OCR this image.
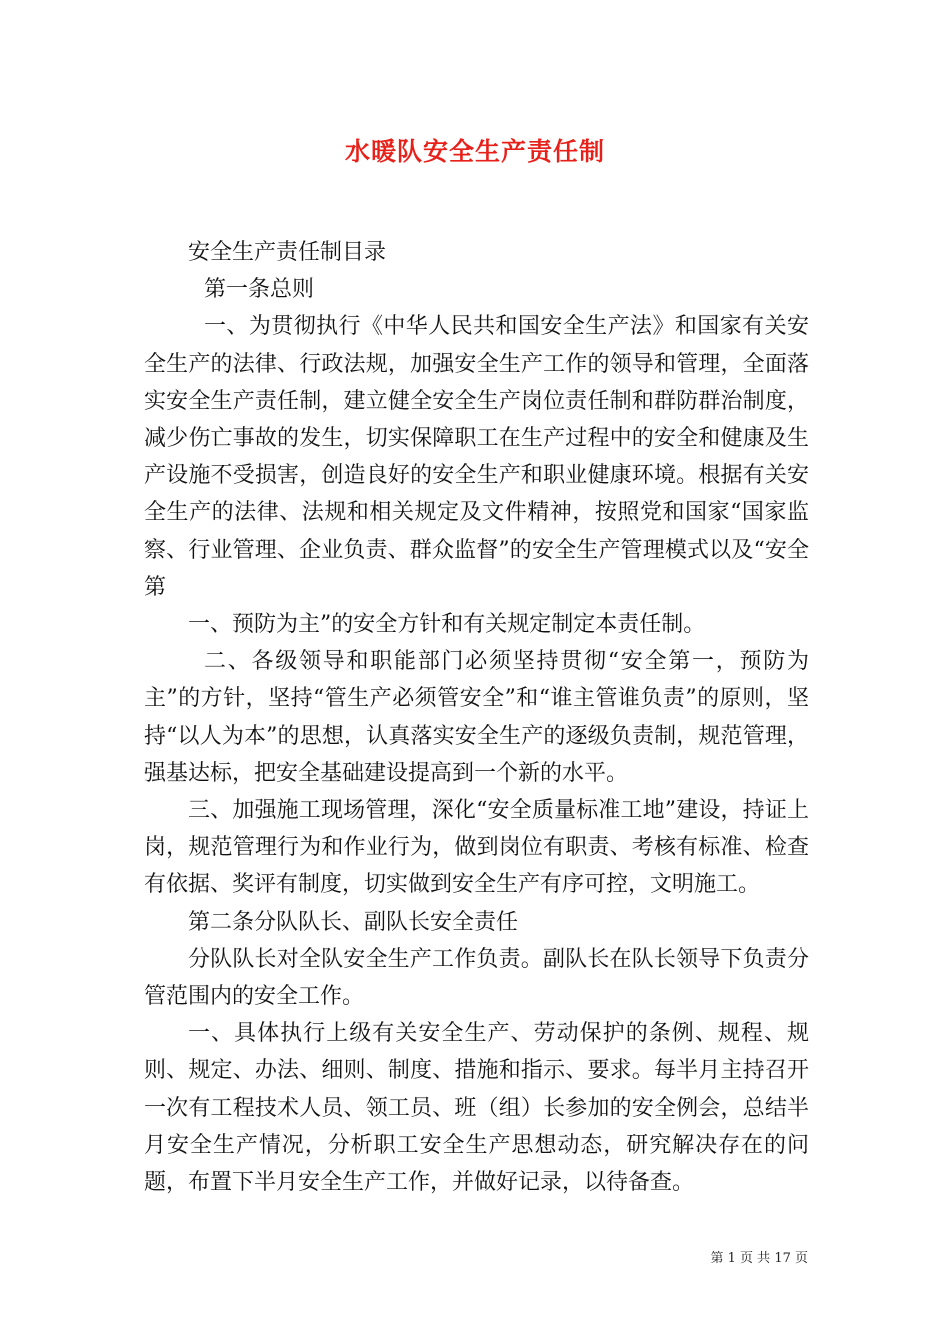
水暖队安全生产责任制

安全生产责任制目录

第一条总则

一、为贯彻执行《中华人民共和国安全生产法》和国家有关安全生产的法律、行政法规，加强安全生产工作的领导和管理，全面落实安全生产责任制，建立健全安全生产岗位责任制和群防群治制度，减少伤亡事故的发生，切实保障职工在生产过程中的安全和健康及生产设施不受损害，创造良好的安全生产和职业健康环境。根据有关安全生产的法律、法规和相关规定及文件精神，按照党和国家“国家监察、行业管理、企业负责、群众监督”的安全生产管理模式以及“安全第

一、预防为主”的安全方针和有关规定制定本责任制。

二、各级领导和职能部门必须坚持贯彻“安全第一，预防为主”的方针，坚持“管生产必须管安全”和“谁主管谁负责”的原则，坚持“以人为本”的思想，认真落实安全生产的逐级负责制，规范管理，强基达标，把安全基础建设提高到一个新的水平。

三、加强施工现场管理，深化“安全质量标准工地”建设，持证上岗，规范管理行为和作业行为，做到岗位有职责、考核有标准、检查有依据、奖评有制度，切实做到安全生产有序可控，文明施工。

第二条分队队长、副队长安全责任

分队队长对全队安全生产工作负责。副队长在队长领导下负责分管范围内的安全工作。

一、具体执行上级有关安全生产、劳动保护的条例、规程、规则、规定、办法、细则、制度、措施和指示、要求。每半月主持召开一次有工程技术人员、领工员、班（组）长参加的安全例会，总结半月安全生产情况，分析职工安全生产思想动态，研究解决存在的问题，布置下半月安全生产工作，并做好记录，以待备查。

第 1 页 共 17 页
